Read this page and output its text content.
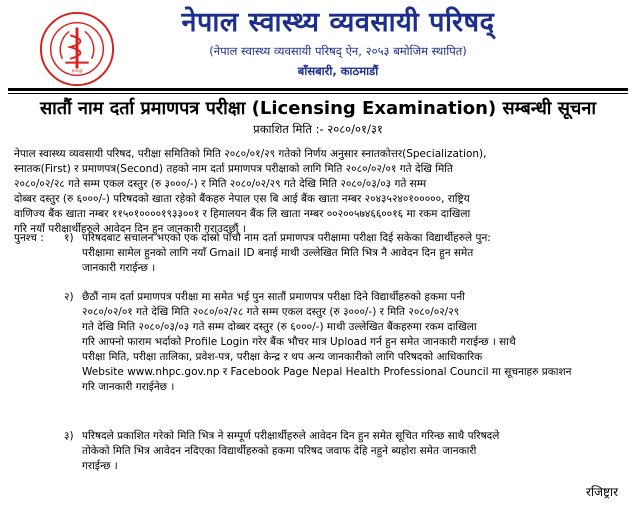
२०५३
नेपाल स्वास्थ्य व्यवसायी परिषद्
(नेपाल स्वास्थ्य व्यवसायी परिषद् ऐन, २०५३ बमोजिम स्थापित)
बाँसबारी, काठमाडौं
सातौं नाम दर्ता प्रमाणपत्र परीक्षा (Licensing Examination) सम्बन्धी सूचना
प्रकाशित मिति :- २०८०/०१/३१
नेपाल स्वास्थ्य व्यवसायी परिषद, परीक्षा समितिको मिति २०८०/०१/२९ गतेको निर्णय अनुसार स्नातकोत्तर(Specialization),
स्नातक(First) र प्रमाणपत्र(Second) तहको नाम दर्ता प्रमाणपत्र परीक्षाको लागि मिति २०८०/०२/०१ गते देखि मिति
२०८०/०२/२८ गते सम्म एकल दस्तुर (रु ३०००/-) र मिति २०८०/०२/२९ गते देखि मिति २०८०/०३/०३ गते सम्म
दोब्बर दस्तुर (रु ६०००/-) परिषदको खाता रहेको बैंकहरु नेपाल एस बि आई बैंक खाता नम्बर २०४३५२४०१०००००, राष्ट्रिय
वाणिज्य बैंक खाता नम्बर ११५०१००००१९३३००१ र हिमालयन बैंक लि खाता नम्बर ००२००५७४६६००१६ मा रकम दाखिला
गरि नयाँ परीक्षार्थीहरुले आवेदन दिन हुन जानकारी गराउदछौं ।
पुनश्च : १) परिषदबाट सचालन भएको एक दोस्रो पाँचौ नाम दर्ता प्रमाणपत्र परीक्षामा परीक्षा दिई सकेका विद्यार्थीहरुले पुन:
परीक्षामा सामेल हुनको लागि नयाँ Gmail ID बनाई माथी उल्लेखित मिति भित्र नै आवेदन दिन हुन समेत
जानकारी गराईन्छ ।
२) छैठौं नाम दर्ता प्रमाणपत्र परीक्षा मा समेत भई पुन सातौं प्रमाणपत्र परीक्षा दिने विद्यार्थीहरुको हकमा पनी
२०८०/०२/०१ गते देखि मिति २०८०/०२/२८ गते सम्म एकल दस्तुर (रु ३०००/-) र मिति २०८०/०२/२९
गते देखि मिति २०८०/०३/०३ गते सम्म दोब्बर दस्तुर (रु ६०००/-) माथी उल्लेखित बैंकहरुमा रकम दाखिला
गरि आफ्नो फाराम भर्दाको Profile Login गरेर बैंक भौचर मात्र Upload गर्न हुन समेत जानकारी गराईन्छ । साथै
परीक्षा मिति, परीक्षा तालिका, प्रवेश-पत्र, परीक्षा केन्द्र र थप अन्य जानकारीको लागि परिषदको आधिकारिक
Website www.nhpc.gov.np र Facebook Page Nepal Health Professional Council मा सूचनाहरु प्रकाशन
गरि जानकारी गराईनेछ ।
३) परिषदले प्रकाशित गरेको मिति भित्र ने सम्पूर्ण परीक्षार्थीहरुले आवेदन दिन हुन समेत सूचित गरिन्छ साथै परिषदले
तोकेको मिति भित्र आवेदन नदिएका विद्यार्थीहरुको हकमा परिषद जवाफ देहि नहुने ब्यहोरा समेत जानकारी
गराईन्छ ।
रजिष्ट्रार
